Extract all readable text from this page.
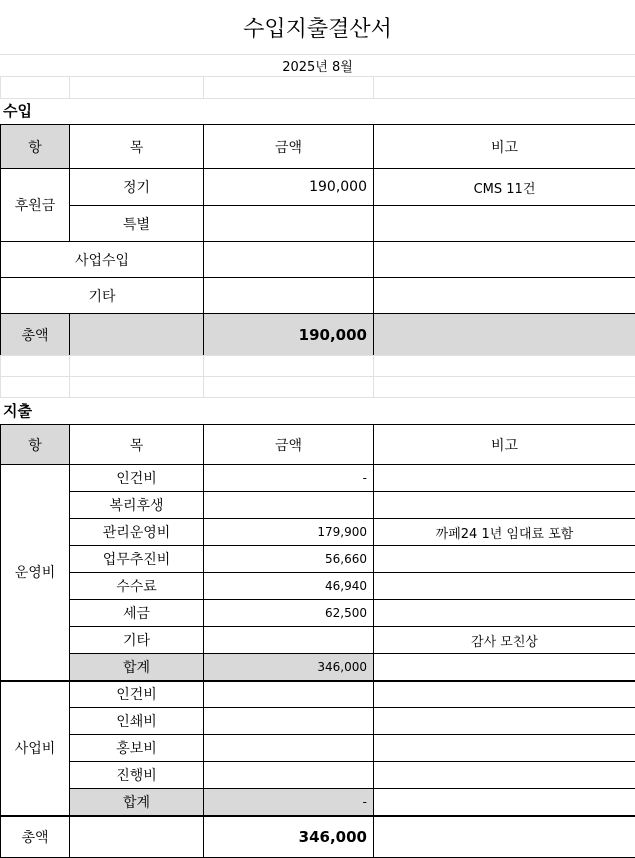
수입지출결산서
2025년 8월

수입
항	목	금액	비고
후원금	정기	190,000	CMS 11건
	특별		
사업수입			
기타			
총액		190,000	

지출
항	목	금액	비고
운영비	인건비	-	
	복리후생		
	관리운영비	179,900	까페24 1년 임대료 포함
	업무추진비	56,660	
	수수료	46,940	
	세금	62,500	
	기타		감사 모친상
	합계	346,000	
사업비	인건비		
	인쇄비		
	홍보비		
	진행비		
	합계	-	
총액		346,000	
